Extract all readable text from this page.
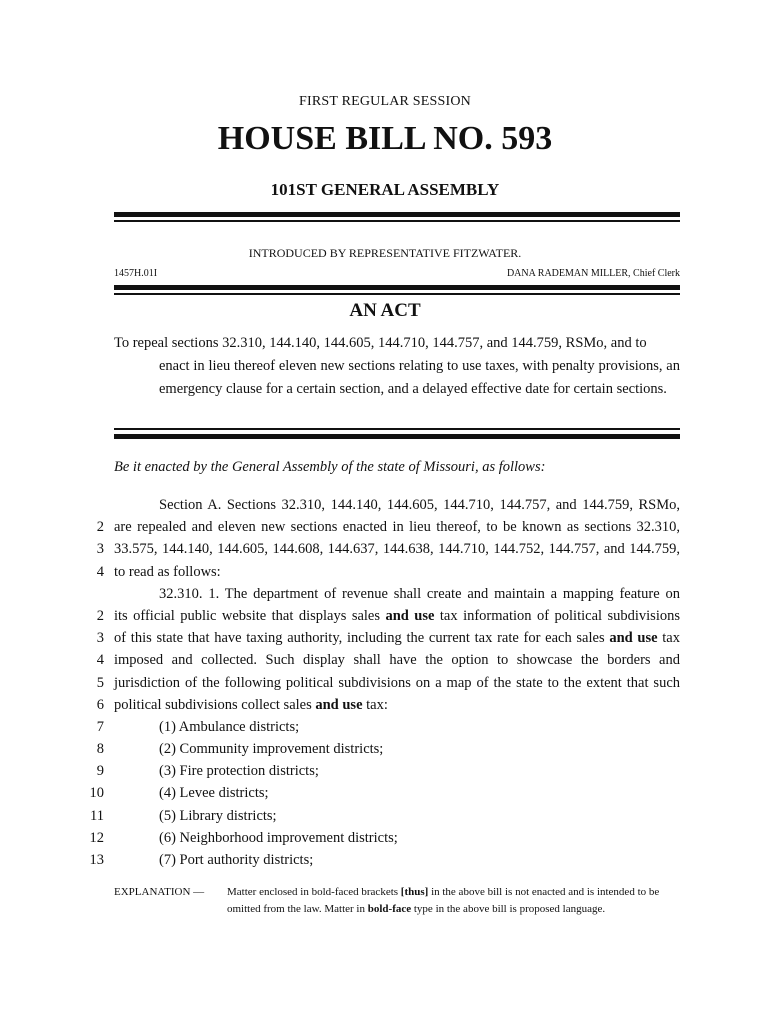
FIRST REGULAR SESSION
HOUSE BILL NO. 593
101ST GENERAL ASSEMBLY
INTRODUCED BY REPRESENTATIVE FITZWATER.
1457H.01I	DANA RADEMAN MILLER, Chief Clerk
AN ACT
To repeal sections 32.310, 144.140, 144.605, 144.710, 144.757, and 144.759, RSMo, and to
enact in lieu thereof eleven new sections relating to use taxes, with penalty provisions, an emergency clause for a certain section, and a delayed effective date for certain sections.
Be it enacted by the General Assembly of the state of Missouri, as follows:
Section A. Sections 32.310, 144.140, 144.605, 144.710, 144.757, and 144.759, RSMo,
2 are repealed and eleven new sections enacted in lieu thereof, to be known as sections 32.310,
3 33.575, 144.140, 144.605, 144.608, 144.637, 144.638, 144.710, 144.752, 144.757, and 144.759,
4 to read as follows:
32.310. 1. The department of revenue shall create and maintain a mapping feature on
2 its official public website that displays sales and use tax information of political subdivisions
3 of this state that have taxing authority, including the current tax rate for each sales and use tax
4 imposed and collected. Such display shall have the option to showcase the borders and
5 jurisdiction of the following political subdivisions on a map of the state to the extent that such
6 political subdivisions collect sales and use tax:
7	(1) Ambulance districts;
8	(2) Community improvement districts;
9	(3) Fire protection districts;
10	(4) Levee districts;
11	(5) Library districts;
12	(6) Neighborhood improvement districts;
13	(7) Port authority districts;
EXPLANATION —	Matter enclosed in bold-faced brackets [thus] in the above bill is not enacted and is intended to be omitted from the law. Matter in bold-face type in the above bill is proposed language.
